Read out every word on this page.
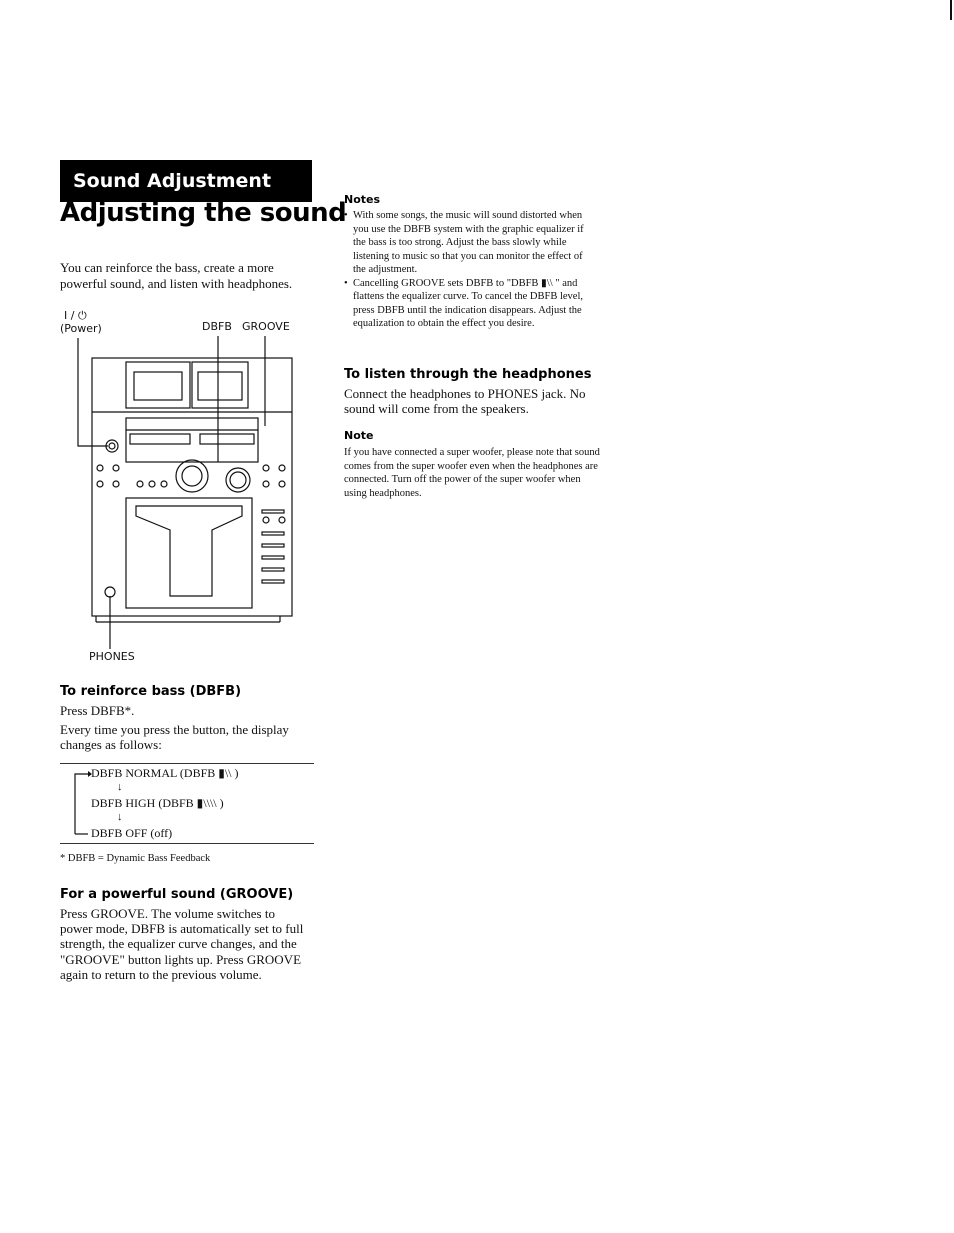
Sound Adjustment
Adjusting the sound
You can reinforce the bass, create a more powerful sound, and listen with headphones.
I / ⏻
(Power)	DBFB GROOVE
PHONES
To reinforce bass (DBFB)
Press DBFB*.
Every time you press the button, the display changes as follows:
DBFB NORMAL (DBFB ▮\\ )
↓
DBFB HIGH (DBFB ▮\\\\ )
↓
DBFB OFF (off)
* DBFB = Dynamic Bass Feedback
For a powerful sound (GROOVE)
Press GROOVE. The volume switches to power mode, DBFB is automatically set to full strength, the equalizer curve changes, and the "GROOVE" button lights up. Press GROOVE again to return to the previous volume.
Notes
• With some songs, the music will sound distorted when you use the DBFB system with the graphic equalizer if the bass is too strong. Adjust the bass slowly while listening to music so that you can monitor the effect of the adjustment.
• Cancelling GROOVE sets DBFB to "DBFB ▮\\ " and flattens the equalizer curve. To cancel the DBFB level, press DBFB until the indication disappears. Adjust the equalization to obtain the effect you desire.
To listen through the headphones
Connect the headphones to PHONES jack. No sound will come from the speakers.
Note
If you have connected a super woofer, please note that sound comes from the super woofer even when the headphones are connected. Turn off the power of the super woofer when using headphones.
